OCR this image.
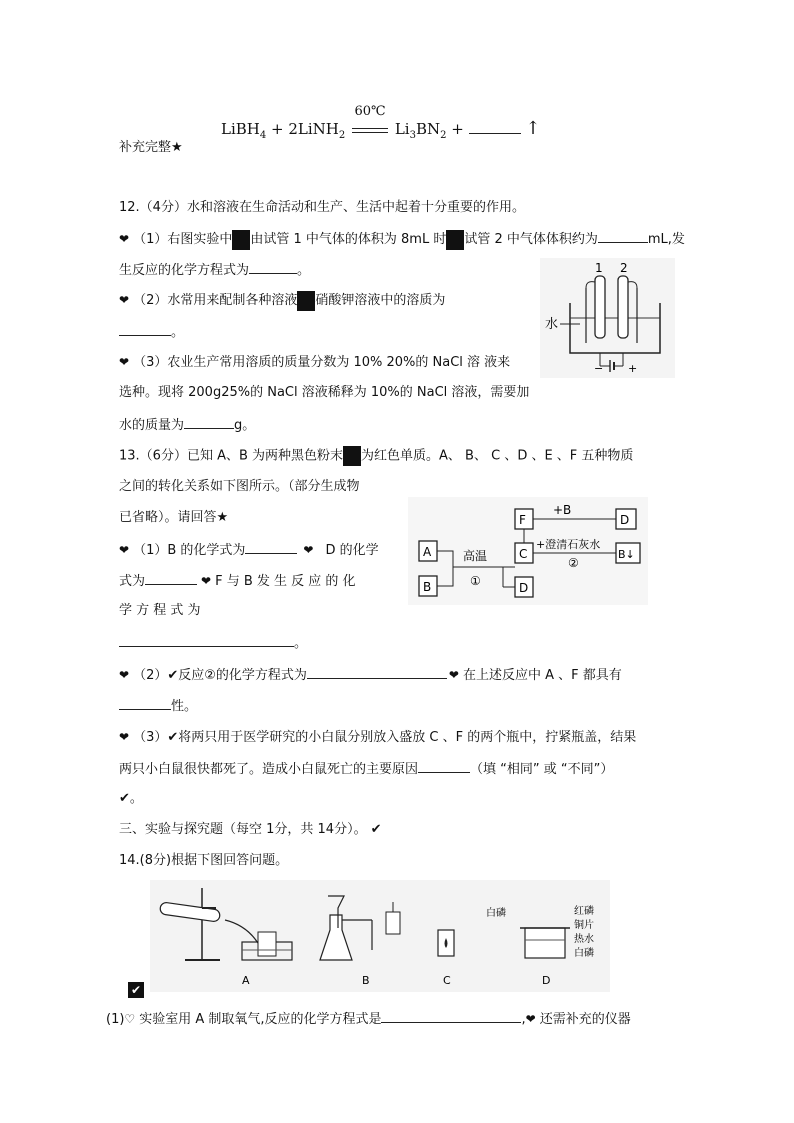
LiBH$_4$ + 2LiNH$_2$
60℃
$Li_3BN_2$ +	↑
补充完整★
12.（4分）水和溶液在生命活动和生产、生活中起着十分重要的作用。
❤ （1）右图实验中 由试管 1 中气体的体积为 8mL 时 试管 2 中气体体积约为	mL,发
生反应的化学方程式为	。
❤ （2）水常用来配制各种溶液 硝酸钾溶液中的溶质为
。
❤ （3）农业生产常用溶质的质量分数为 10% 20%的 NaCl 溶 液来
选种。现将 200g25%的 NaCl 溶液稀释为 10%的 NaCl 溶液，需要加
水的质量为	g。
1 2
水
− +
13.（6分）已知 A、B 为两种黑色粉末 为红色单质。A、 B、 C 、D 、E 、F 五种物质
之间的转化关系如下图所示。（部分生成物
已省略）。请回答★
❤ （1）B 的化学式为	❤ D 的化学
式为	❤ F 与 B 发 生 反 应 的 化
学 方 程 式 为
。
A
B
高温
①
F
C
D
+B
D
+澄清石灰水
②
B↓
❤ （2）✔反应②的化学方程式为	❤ 在上述反应中 A 、F 都具有
性。
❤ （3）✔将两只用于医学研究的小白鼠分别放入盛放 C 、F 的两个瓶中，拧紧瓶盖，结果
两只小白鼠很快都死了。造成小白鼠死亡的主要原因	（填 “相同” 或 “不同”）
✔。
三、实验与探究题（每空 1分，共 14分）。 ✔
14.(8分)根据下图回答问题。
A	B	C
白磷	红磷
铜片
热水
白磷
D
✔
(1)♡ 实验室用 A 制取氧气,反应的化学方程式是	,❤ 还需补充的仪器
